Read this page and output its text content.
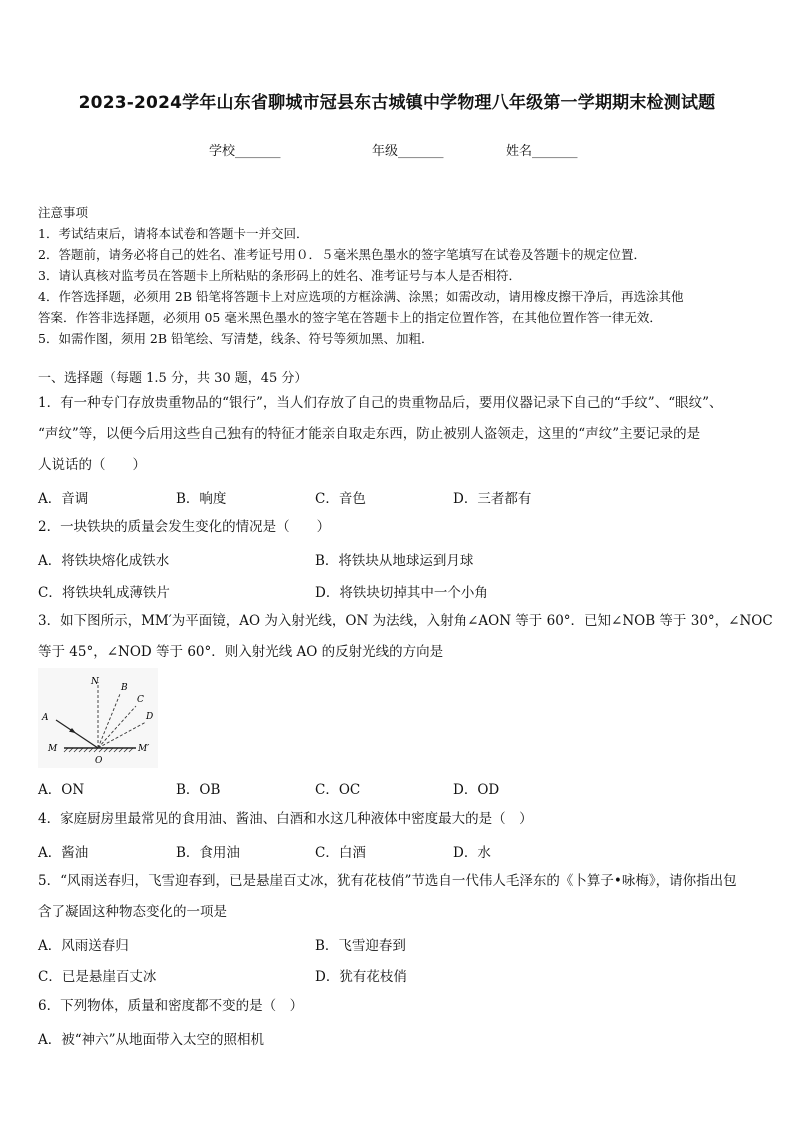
2023-2024学年山东省聊城市冠县东古城镇中学物理八年级第一学期期末检测试题
学校_______	年级_______	姓名_______
注意事项
1．考试结束后，请将本试卷和答题卡一并交回．
2．答题前，请务必将自己的姓名、准考证号用０．５毫米黑色墨水的签字笔填写在试卷及答题卡的规定位置．
3．请认真核对监考员在答题卡上所粘贴的条形码上的姓名、准考证号与本人是否相符．
4．作答选择题，必须用 2B 铅笔将答题卡上对应选项的方框涂满、涂黑；如需改动，请用橡皮擦干净后，再选涂其他
答案．作答非选择题，必须用 05 毫米黑色墨水的签字笔在答题卡上的指定位置作答，在其他位置作答一律无效．
5．如需作图，须用 2B 铅笔绘、写清楚，线条、符号等须加黑、加粗．
一、选择题（每题 1.5 分，共 30 题，45 分）
1．有一种专门存放贵重物品的“银行”，当人们存放了自己的贵重物品后，要用仪器记录下自己的“手纹”、“眼纹”、
“声纹”等，以便今后用这些自己独有的特征才能亲自取走东西，防止被别人盗领走，这里的“声纹”主要记录的是
人说话的（　　）
A．音调	B．响度	C．音色	D．三者都有
2．一块铁块的质量会发生变化的情况是（　　）
A．将铁块熔化成铁水	B．将铁块从地球运到月球
C．将铁块轧成薄铁片	D．将铁块切掉其中一个小角
3．如下图所示，MM′为平面镜，AO 为入射光线，ON 为法线，入射角∠AON 等于 60°．已知∠NOB 等于 30°，∠NOC
等于 45°，∠NOD 等于 60°．则入射光线 AO 的反射光线的方向是
N
B
C
D
A
M	M′
O
A．ON	B．OB	C．OC	D．OD
4．家庭厨房里最常见的食用油、酱油、白酒和水这几种液体中密度最大的是（　）
A．酱油	B．食用油	C．白酒	D．水
5．“风雨送春归，飞雪迎春到，已是悬崖百丈冰，犹有花枝俏”节选自一代伟人毛泽东的《卜算子•咏梅》，请你指出包
含了凝固这种物态变化的一项是
A．风雨送春归	B．飞雪迎春到
C．已是悬崖百丈冰	D．犹有花枝俏
6．下列物体，质量和密度都不变的是（　）
A．被“神六”从地面带入太空的照相机
